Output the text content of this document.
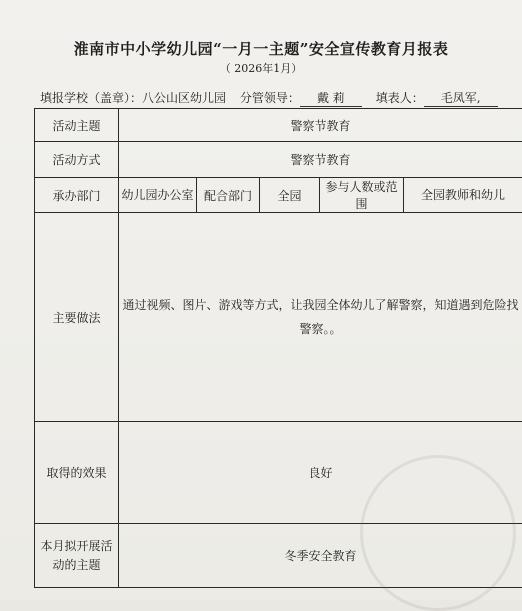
淮南市中小学幼儿园“一月一主题”安全宣传教育月报表
（ 2026年1月）
填报学校（盖章）：八公山区幼儿园 分管领导： 戴 莉	填表人： 毛凤军,
活动主题	警察节教育				
活动方式	警察节教育				
承办部门	幼儿园办公室	配合部门	全园	参与人数或范围	全园教师和幼儿
主要做法	通过视频、图片、游戏等方式，让我园全体幼儿了解警察，知道遇到危险找警察。。				
取得的效果	良好				
本月拟开展活动的主题	冬季安全教育				
